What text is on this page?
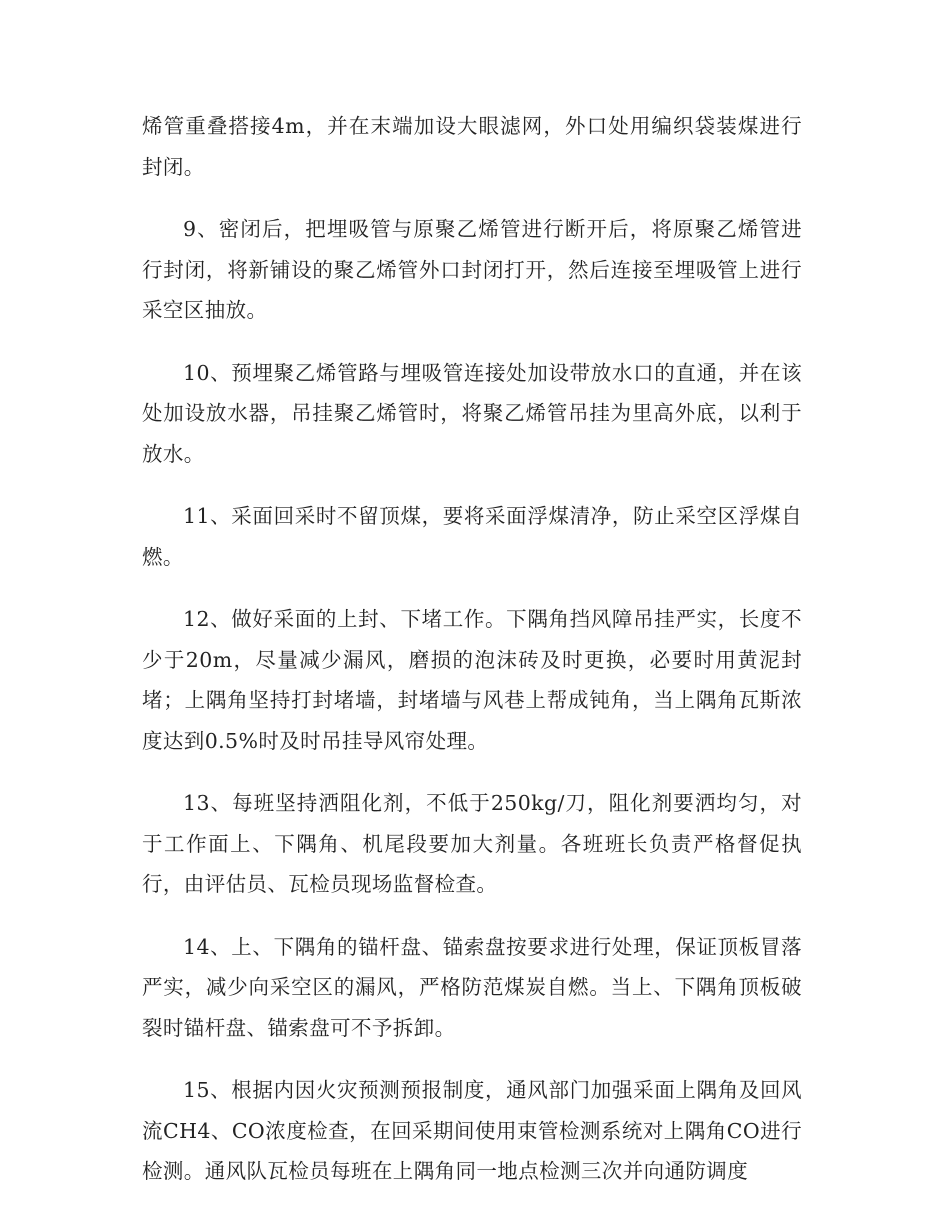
烯管重叠搭接4m，并在末端加设大眼滤网，外口处用编织袋装煤进行封闭。

9、密闭后，把埋吸管与原聚乙烯管进行断开后，将原聚乙烯管进行封闭，将新铺设的聚乙烯管外口封闭打开，然后连接至埋吸管上进行采空区抽放。

10、预埋聚乙烯管路与埋吸管连接处加设带放水口的直通，并在该处加设放水器，吊挂聚乙烯管时，将聚乙烯管吊挂为里高外底，以利于放水。

11、采面回采时不留顶煤，要将采面浮煤清净，防止采空区浮煤自燃。

12、做好采面的上封、下堵工作。下隅角挡风障吊挂严实，长度不少于20m，尽量减少漏风，磨损的泡沫砖及时更换，必要时用黄泥封堵；上隅角坚持打封堵墙，封堵墙与风巷上帮成钝角，当上隅角瓦斯浓度达到0.5%时及时吊挂导风帘处理。

13、每班坚持洒阻化剂，不低于250kg/刀，阻化剂要洒均匀，对于工作面上、下隅角、机尾段要加大剂量。各班班长负责严格督促执行，由评估员、瓦检员现场监督检查。

14、上、下隅角的锚杆盘、锚索盘按要求进行处理，保证顶板冒落严实，减少向采空区的漏风，严格防范煤炭自燃。当上、下隅角顶板破裂时锚杆盘、锚索盘可不予拆卸。

15、根据内因火灾预测预报制度，通风部门加强采面上隅角及回风流CH4、CO浓度检查，在回采期间使用束管检测系统对上隅角CO进行检测。通风队瓦检员每班在上隅角同一地点检测三次并向通防调度
